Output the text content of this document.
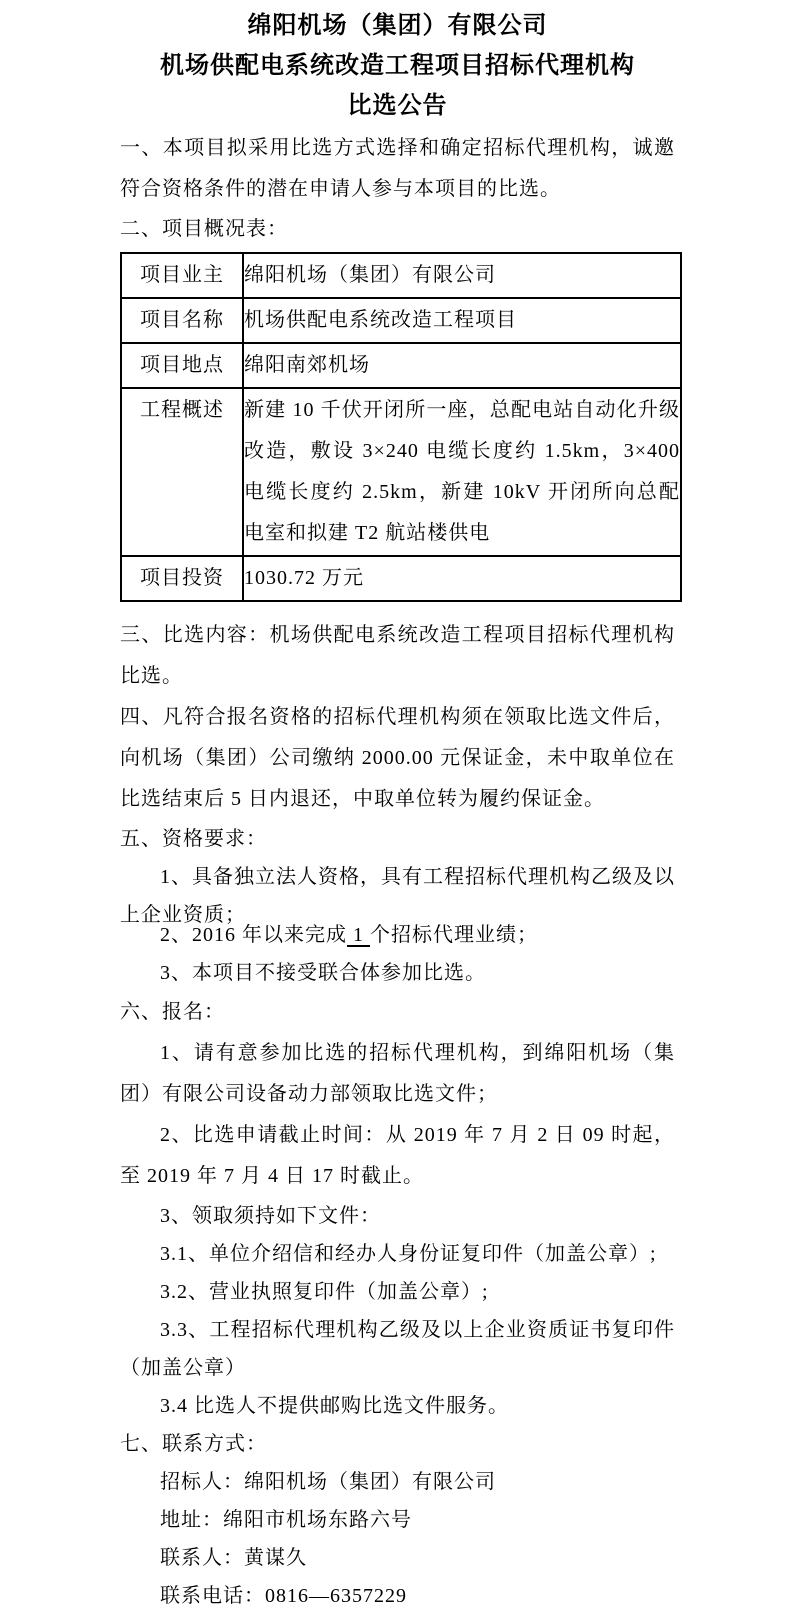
绵阳机场（集团）有限公司
机场供配电系统改造工程项目招标代理机构
比选公告

一、本项目拟采用比选方式选择和确定招标代理机构，诚邀符合资格条件的潜在申请人参与本项目的比选。

二、项目概况表：

项目业主	绵阳机场（集团）有限公司
项目名称	机场供配电系统改造工程项目
项目地点	绵阳南郊机场
工程概述	新建 10 千伏开闭所一座，总配电站自动化升级改造，敷设 3×240 电缆长度约 1.5km，3×400 电缆长度约 2.5km，新建 10kV 开闭所向总配电室和拟建 T2 航站楼供电
项目投资	1030.72 万元

三、比选内容：机场供配电系统改造工程项目招标代理机构比选。

四、凡符合报名资格的招标代理机构须在领取比选文件后，向机场（集团）公司缴纳 2000.00 元保证金，未中取单位在比选结束后 5 日内退还，中取单位转为履约保证金。

五、资格要求：

1、具备独立法人资格，具有工程招标代理机构乙级及以上企业资质；

2、2016 年以来完成 1 个招标代理业绩；

3、本项目不接受联合体参加比选。

六、报名：

1、请有意参加比选的招标代理机构，到绵阳机场（集团）有限公司设备动力部领取比选文件；

2、比选申请截止时间：从 2019 年 7 月 2 日 09 时起，至 2019 年 7 月 4 日 17 时截止。

3、领取须持如下文件：

3.1、单位介绍信和经办人身份证复印件（加盖公章）;

3.2、营业执照复印件（加盖公章）;

3.3、工程招标代理机构乙级及以上企业资质证书复印件（加盖公章）

3.4 比选人不提供邮购比选文件服务。

七、联系方式：

招标人：绵阳机场（集团）有限公司

地址：绵阳市机场东路六号

联系人：黄谋久

联系电话：0816—6357229
